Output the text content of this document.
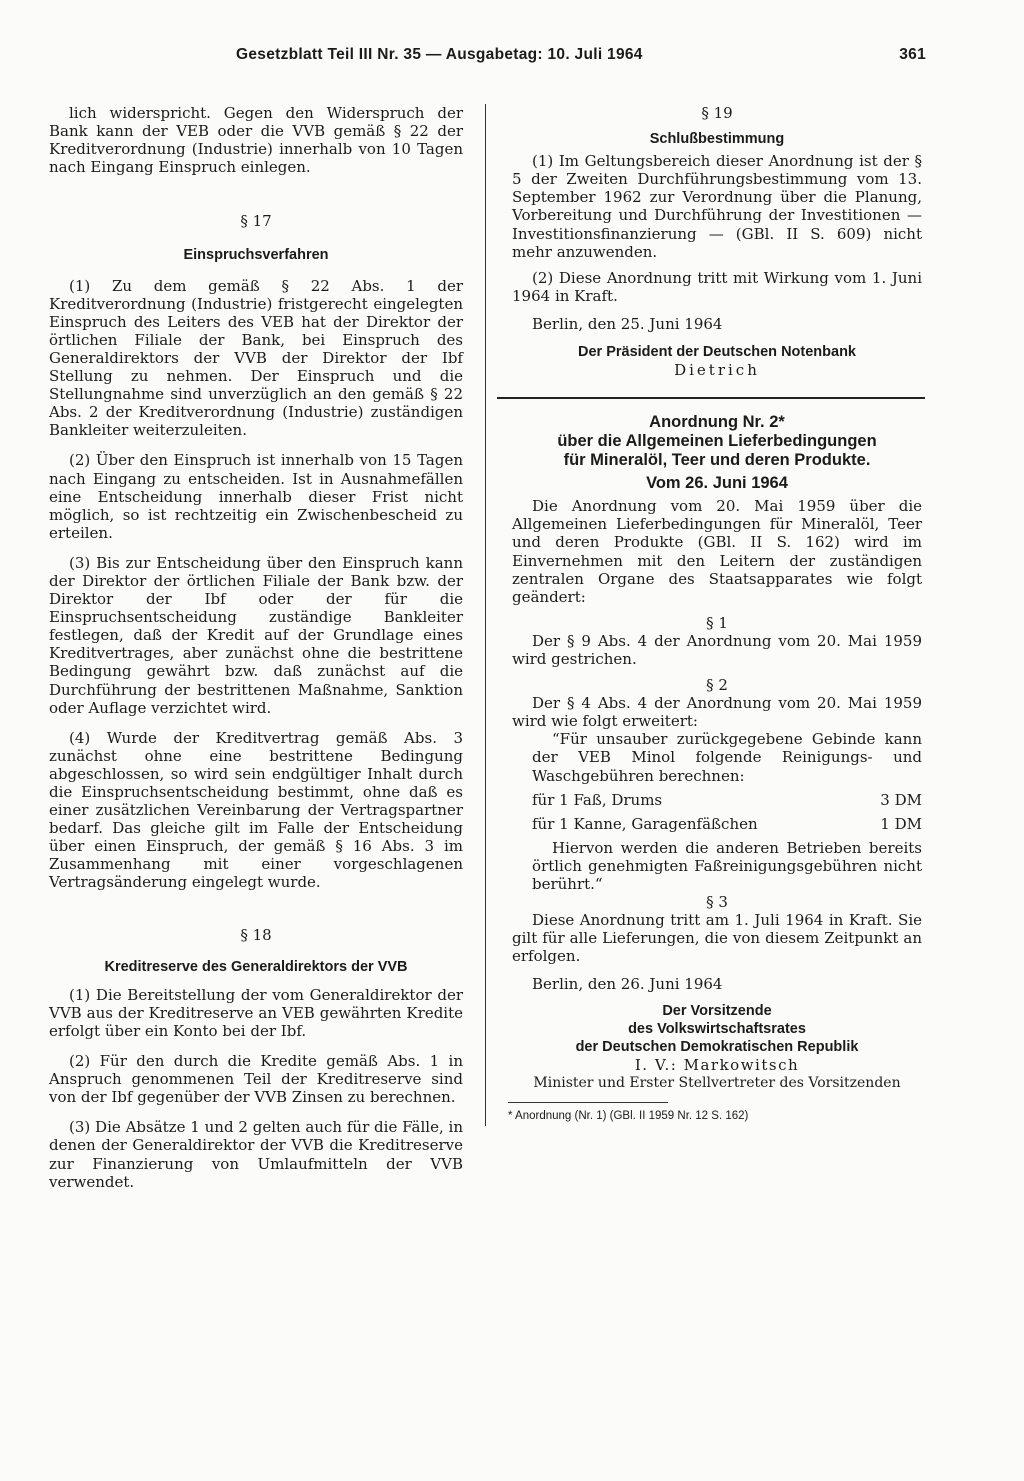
Gesetzblatt Teil III Nr. 35 — Ausgabetag: 10. Juli 1964	361

lich widerspricht. Gegen den Widerspruch der Bank kann der VEB oder die VVB gemäß § 22 der Kreditverordnung (Industrie) innerhalb von 10 Tagen nach Eingang Einspruch einlegen.

§ 17

Einspruchsverfahren

(1) Zu dem gemäß § 22 Abs. 1 der Kreditverordnung (Industrie) fristgerecht eingelegten Einspruch des Leiters des VEB hat der Direktor der örtlichen Filiale der Bank, bei Einspruch des Generaldirektors der VVB der Direktor der Ibf Stellung zu nehmen. Der Einspruch und die Stellungnahme sind unverzüglich an den gemäß § 22 Abs. 2 der Kreditverordnung (Industrie) zuständigen Bankleiter weiterzuleiten.

(2) Über den Einspruch ist innerhalb von 15 Tagen nach Eingang zu entscheiden. Ist in Ausnahmefällen eine Entscheidung innerhalb dieser Frist nicht möglich, so ist rechtzeitig ein Zwischenbescheid zu erteilen.

(3) Bis zur Entscheidung über den Einspruch kann der Direktor der örtlichen Filiale der Bank bzw. der Direktor der Ibf oder der für die Einspruchsentscheidung zuständige Bankleiter festlegen, daß der Kredit auf der Grundlage eines Kreditvertrages, aber zunächst ohne die bestrittene Bedingung gewährt bzw. daß zunächst auf die Durchführung der bestrittenen Maßnahme, Sanktion oder Auflage verzichtet wird.

(4) Wurde der Kreditvertrag gemäß Abs. 3 zunächst ohne eine bestrittene Bedingung abgeschlossen, so wird sein endgültiger Inhalt durch die Einspruchsentscheidung bestimmt, ohne daß es einer zusätzlichen Vereinbarung der Vertragspartner bedarf. Das gleiche gilt im Falle der Entscheidung über einen Einspruch, der gemäß § 16 Abs. 3 im Zusammenhang mit einer vorgeschlagenen Vertragsänderung eingelegt wurde.

§ 18

Kreditreserve des Generaldirektors der VVB

(1) Die Bereitstellung der vom Generaldirektor der VVB aus der Kreditreserve an VEB gewährten Kredite erfolgt über ein Konto bei der Ibf.

(2) Für den durch die Kredite gemäß Abs. 1 in Anspruch genommenen Teil der Kreditreserve sind von der Ibf gegenüber der VVB Zinsen zu berechnen.

(3) Die Absätze 1 und 2 gelten auch für die Fälle, in denen der Generaldirektor der VVB die Kreditreserve zur Finanzierung von Umlaufmitteln der VVB verwendet.

§ 19

Schlußbestimmung

(1) Im Geltungsbereich dieser Anordnung ist der § 5 der Zweiten Durchführungsbestimmung vom 13. September 1962 zur Verordnung über die Planung, Vorbereitung und Durchführung der Investitionen — Investitionsfinanzierung — (GBl. II S. 609) nicht mehr anzuwenden.

(2) Diese Anordnung tritt mit Wirkung vom 1. Juni 1964 in Kraft.

Berlin, den 25. Juni 1964

Der Präsident der Deutschen Notenbank

Dietrich

Anordnung Nr. 2*

über die Allgemeinen Lieferbedingungen

für Mineralöl, Teer und deren Produkte.

Vom 26. Juni 1964

Die Anordnung vom 20. Mai 1959 über die Allgemeinen Lieferbedingungen für Mineralöl, Teer und deren Produkte (GBl. II S. 162) wird im Einvernehmen mit den Leitern der zuständigen zentralen Organe des Staatsapparates wie folgt geändert:

§ 1

Der § 9 Abs. 4 der Anordnung vom 20. Mai 1959 wird gestrichen.

§ 2

Der § 4 Abs. 4 der Anordnung vom 20. Mai 1959 wird wie folgt erweitert:

“Für unsauber zurückgegebene Gebinde kann der VEB Minol folgende Reinigungs- und Waschgebühren berechnen:

für 1 Faß, Drums	3 DM
für 1 Kanne, Garagenfäßchen	1 DM

Hiervon werden die anderen Betrieben bereits örtlich genehmigten Faßreinigungsgebühren nicht berührt.“

§ 3

Diese Anordnung tritt am 1. Juli 1964 in Kraft. Sie gilt für alle Lieferungen, die von diesem Zeitpunkt an erfolgen.

Berlin, den 26. Juni 1964

Der Vorsitzende

des Volkswirtschaftsrates

der Deutschen Demokratischen Republik

I. V.: Markowitsch

Minister und Erster Stellvertreter des Vorsitzenden

* Anordnung (Nr. 1) (GBl. II 1959 Nr. 12 S. 162)
